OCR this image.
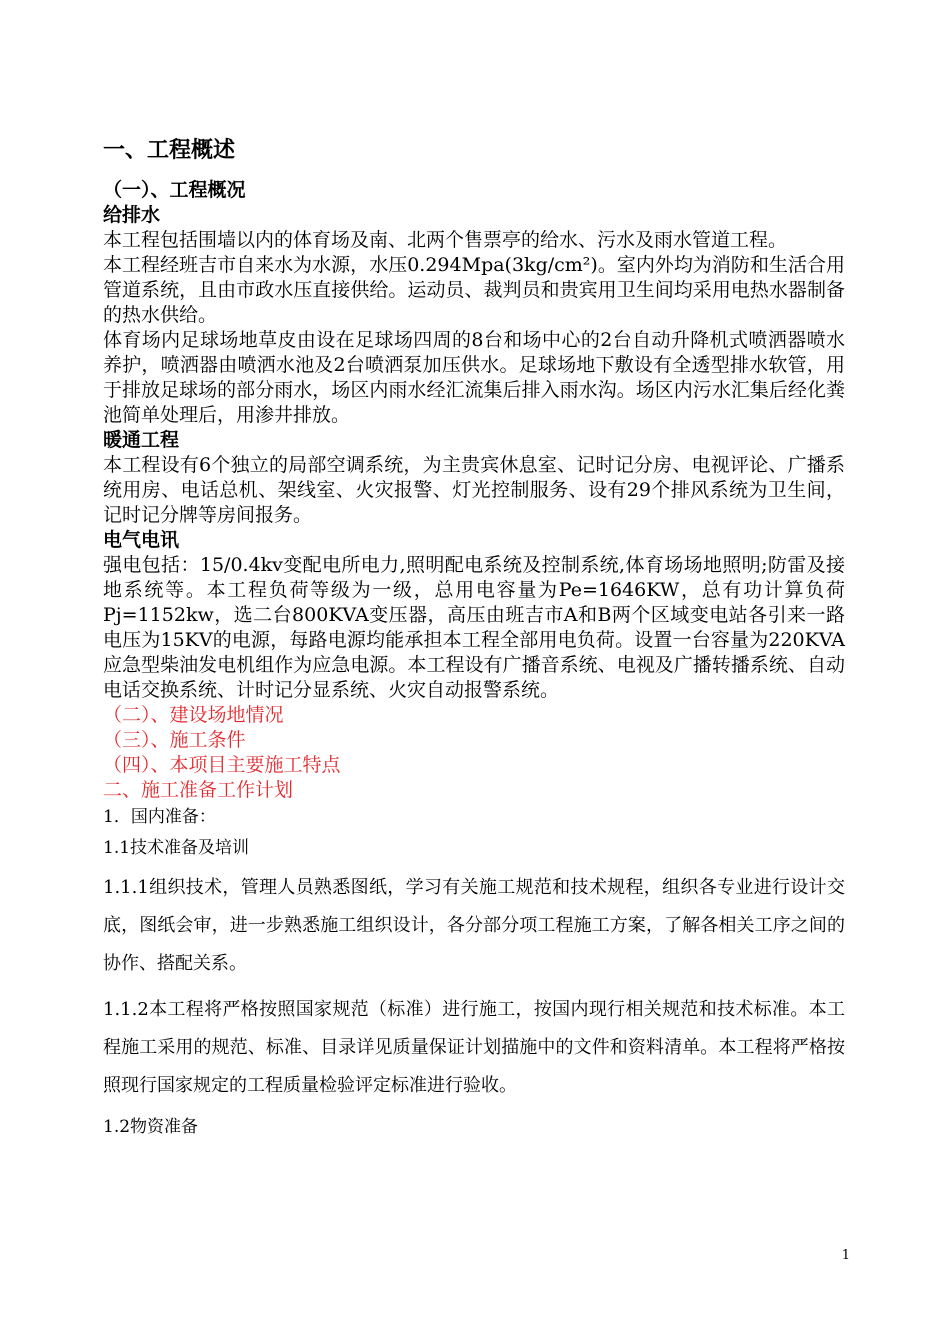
一、工程概述
（一）、工程概况
给排水

本工程包括围墙以内的体育场及南、北两个售票亭的给水、污水及雨水管道工程。

本工程经班吉市自来水为水源，水压0.294Mpa(3kg/cm²)。室内外均为消防和生活合用管道系统，且由市政水压直接供给。运动员、裁判员和贵宾用卫生间均采用电热水器制备的热水供给。

体育场内足球场地草皮由设在足球场四周的8台和场中心的2台自动升降机式喷洒器喷水养护，喷洒器由喷洒水池及2台喷洒泵加压供水。足球场地下敷设有全透型排水软管，用于排放足球场的部分雨水，场区内雨水经汇流集后排入雨水沟。场区内污水汇集后经化粪池简单处理后，用渗井排放。

暖通工程

本工程设有6个独立的局部空调系统，为主贵宾休息室、记时记分房、电视评论、广播系统用房、电话总机、架线室、火灾报警、灯光控制服务、设有29个排风系统为卫生间，记时记分牌等房间报务。

电气电讯

强电包括：15/0.4kv变配电所电力,照明配电系统及控制系统,体育场场地照明;防雷及接地系统等。本工程负荷等级为一级，总用电容量为Pe=1646KW，总有功计算负荷Pj=1152kw，选二台800KVA变压器，高压由班吉市A和B两个区域变电站各引来一路电压为15KV的电源，每路电源均能承担本工程全部用电负荷。设置一台容量为220KVA应急型柴油发电机组作为应急电源。本工程设有广播音系统、电视及广播转播系统、自动电话交换系统、计时记分显系统、火灾自动报警系统。

（二）、建设场地情况
（三）、施工条件
（四）、本项目主要施工特点
二、施工准备工作计划
1．国内准备：
1.1技术准备及培训
1.1.1组织技术，管理人员熟悉图纸，学习有关施工规范和技术规程，组织各专业进行设计交底，图纸会审，进一步熟悉施工组织设计，各分部分项工程施工方案，了解各相关工序之间的协作、搭配关系。
1.1.2本工程将严格按照国家规范（标准）进行施工，按国内现行相关规范和技术标准。本工程施工采用的规范、标准、目录详见质量保证计划描施中的文件和资料清单。本工程将严格按照现行国家规定的工程质量检验评定标准进行验收。
1.2物资准备
1
